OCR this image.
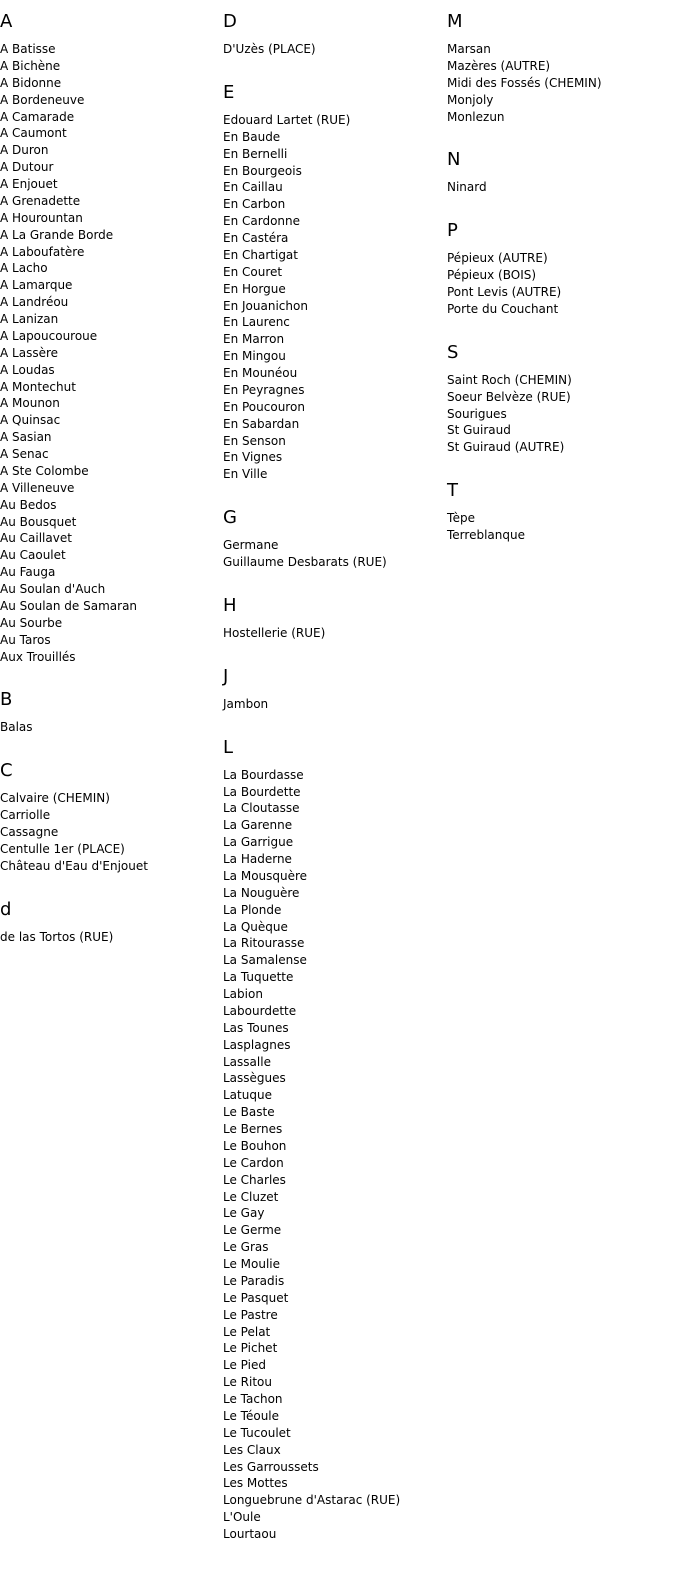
A
A Batisse
A Bichène
A Bidonne
A Bordeneuve
A Camarade
A Caumont
A Duron
A Dutour
A Enjouet
A Grenadette
A Hourountan
A La Grande Borde
A Laboufatère
A Lacho
A Lamarque
A Landréou
A Lanizan
A Lapoucouroue
A Lassère
A Loudas
A Montechut
A Mounon
A Quinsac
A Sasian
A Senac
A Ste Colombe
A Villeneuve
Au Bedos
Au Bousquet
Au Caillavet
Au Caoulet
Au Fauga
Au Soulan d'Auch
Au Soulan de Samaran
Au Sourbe
Au Taros
Aux Trouillés
B
Balas
C
Calvaire (CHEMIN)
Carriolle
Cassagne
Centulle 1er (PLACE)
Château d'Eau d'Enjouet
d
de las Tortos (RUE)
D
D'Uzès (PLACE)
E
Edouard Lartet (RUE)
En Baude
En Bernelli
En Bourgeois
En Caillau
En Carbon
En Cardonne
En Castéra
En Chartigat
En Couret
En Horgue
En Jouanichon
En Laurenc
En Marron
En Mingou
En Mounéou
En Peyragnes
En Poucouron
En Sabardan
En Senson
En Vignes
En Ville
G
Germane
Guillaume Desbarats (RUE)
H
Hostellerie (RUE)
J
Jambon
L
La Bourdasse
La Bourdette
La Cloutasse
La Garenne
La Garrigue
La Haderne
La Mousquère
La Nouguère
La Plonde
La Quèque
La Ritourasse
La Samalense
La Tuquette
Labion
Labourdette
Las Tounes
Lasplagnes
Lassalle
Lassègues
Latuque
Le Baste
Le Bernes
Le Bouhon
Le Cardon
Le Charles
Le Cluzet
Le Gay
Le Germe
Le Gras
Le Moulie
Le Paradis
Le Pasquet
Le Pastre
Le Pelat
Le Pichet
Le Pied
Le Ritou
Le Tachon
Le Téoule
Le Tucoulet
Les Claux
Les Garroussets
Les Mottes
Longuebrune d'Astarac (RUE)
L'Oule
Lourtaou
M
Marsan
Mazères (AUTRE)
Midi des Fossés (CHEMIN)
Monjoly
Monlezun
N
Ninard
P
Pépieux (AUTRE)
Pépieux (BOIS)
Pont Levis (AUTRE)
Porte du Couchant
S
Saint Roch (CHEMIN)
Soeur Belvèze (RUE)
Sourigues
St Guiraud
St Guiraud (AUTRE)
T
Tèpe
Terreblanque
